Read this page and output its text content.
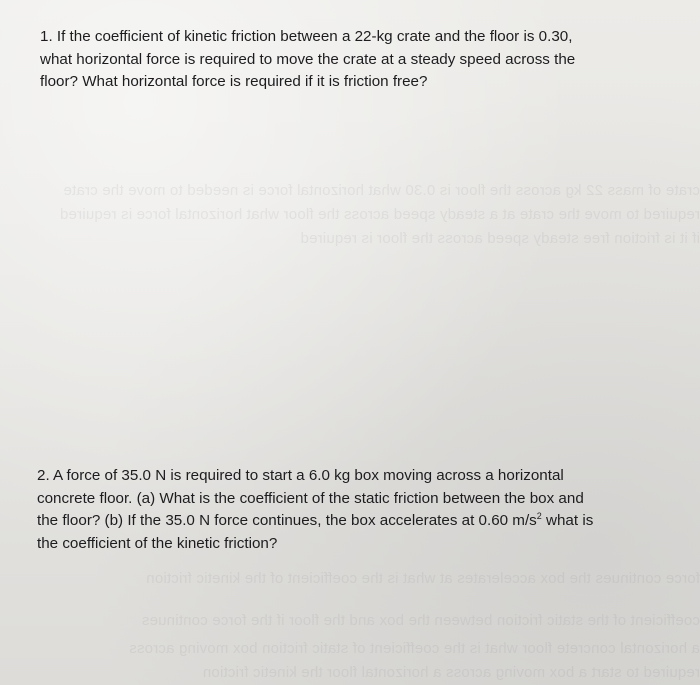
crate of mass 22 kg across the floor is 0.30 what horizontal force is needed to move the crate
required to move the crate at a steady speed across the floor what horizontal force is required
if it is friction free steady speed across the floor is required
force continues the box accelerates at what is the coefficient of the kinetic friction
coefficient of the static friction between the box and the floor if the force continues
a horizontal concrete floor what is the coefficient of static friction box moving across
required to start a box moving across a horizontal floor the kinetic friction

1. If the coefficient of kinetic friction between a 22-kg crate and the floor is 0.30,
what horizontal force is required to move the crate at a steady speed across the
floor? What horizontal force is required if it is friction free?

2. A force of 35.0 N is required to start a 6.0 kg box moving across a horizontal
concrete floor. (a) What is the coefficient of the static friction between the box and
the floor? (b) If the 35.0 N force continues, the box accelerates at 0.60 $m/s^2$ what is
the coefficient of the kinetic friction?
